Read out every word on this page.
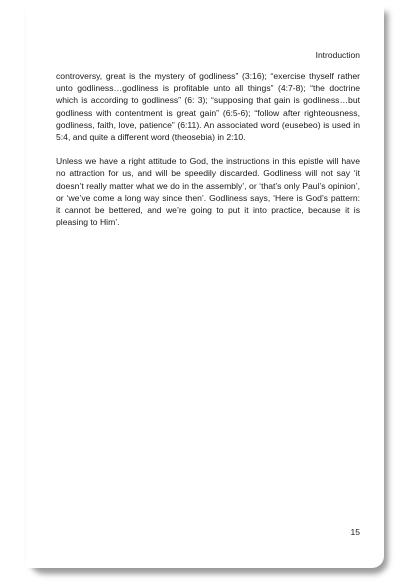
Introduction

controversy, great is the mystery of godliness” (3:16); “exercise thyself rather unto godliness…godliness is profitable unto all things” (4:7-8); “the doctrine which is according to godliness” (6: 3); “supposing that gain is godliness…but godliness with contentment is great gain” (6:5-6); “follow after righteousness, godliness, faith, love, patience” (6:11). An associated word (eusebeo) is used in 5:4, and quite a different word (theosebia) in 2:10.

Unless we have a right attitude to God, the instructions in this epistle will have no attraction for us, and will be speedily discarded. Godliness will not say ‘it doesn’t really matter what we do in the assembly’, or ‘that’s only Paul’s opinion’, or ‘we’ve come a long way since then’. Godliness says, ‘Here is God’s pattern: it cannot be bettered, and we’re going to put it into practice, because it is pleasing to Him’.

15
